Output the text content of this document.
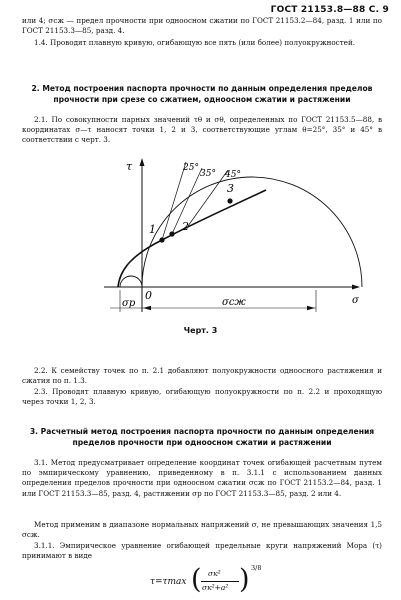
ГОСТ 21153.8—88 С. 9
или 4; σсж — предел прочности при одноосном сжатии по ГОСТ 21153.2—84, разд. 1 или по ГОСТ 21153.3—85, разд. 4.
1.4. Проводят плавную кривую, огибающую все пять (или более) полуокружностей.
2. Метод построения паспорта прочности по данным определения пределов прочности при срезе со сжатием, одноосном сжатии и растяжении
2.1. По совокупности парных значений τθ и σθ, определенных по ГОСТ 21153.5—88, в координатах σ—τ наносят точки 1, 2 и 3, соответствующие углам θ=25°, 35° и 45° в соответствии с черт. 3.
τ
σ
1 2
3
25°
35° 45°
0
σр	σсж
Черт. 3
2.2. К семейству точек по п. 2.1 добавляют полуокружности одноосного растяжения и сжатия по п. 1.3.
2.3. Проводят плавную кривую, огибающую полуокружности по п. 2.2 и проходящую через точки 1, 2, 3.
3. Расчетный метод построения паспорта прочности по данным определения пределов прочности при одноосном сжатии и растяжении
3.1. Метод предусматривает определение координат точек огибающей расчетным путем по эмпирическому уравнению, приведенному в п. 3.1.1 с использованием данных определения пределов прочности при одноосном сжатии σсж по ГОСТ 21153.2—84, разд. 1 или ГОСТ 21153.3—85, разд. 4, растяжении σр по ГОСТ 21153.3—85, разд. 2 или 4.
Метод применим в диапазоне нормальных напряжений σ, не превышающих значения 1,5 σсж.
3.1.1. Эмпирическое уравнение огибающей предельные круги напряжений Мора (τ) принимают в виде
τ=τmax ( σк²
σк²+a² ) 3/8
